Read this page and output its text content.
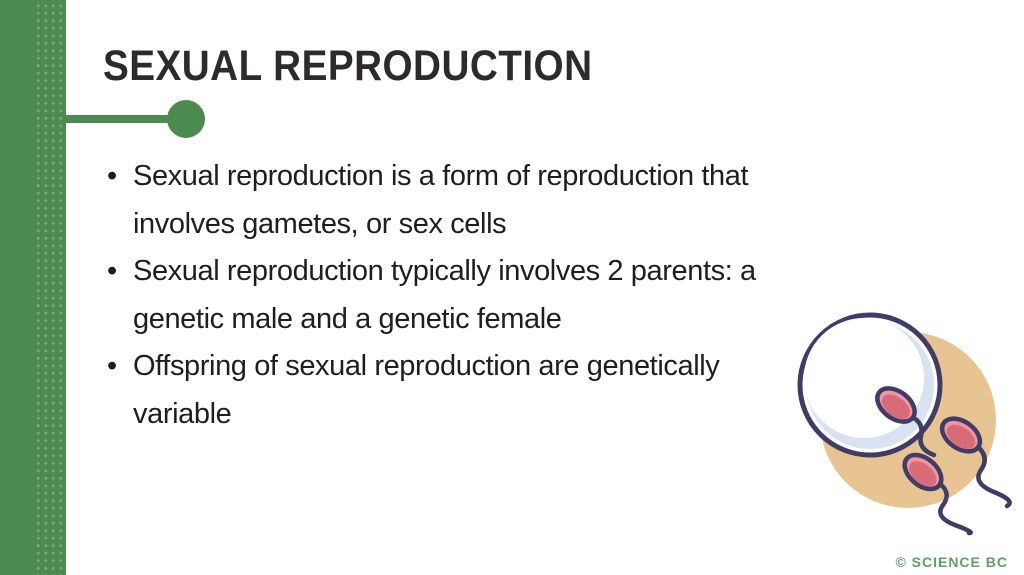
SEXUAL REPRODUCTION
• Sexual reproduction is a form of reproduction that
involves gametes, or sex cells
• Sexual reproduction typically involves 2 parents: a
genetic male and a genetic female
• Offspring of sexual reproduction are genetically
variable
© SCIENCE BC
